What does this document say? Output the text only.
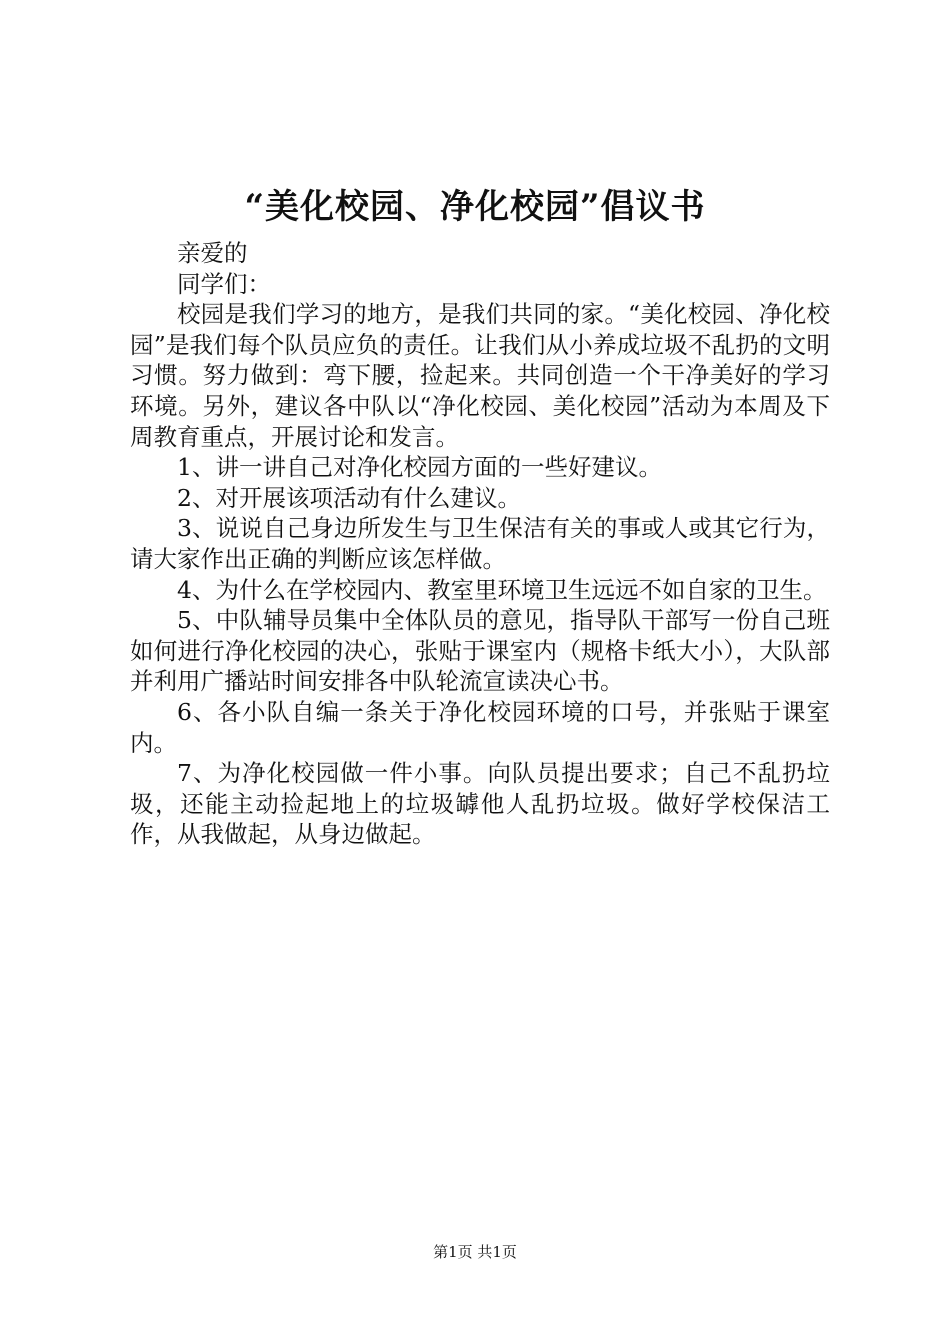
“美化校园、净化校园”倡议书

亲爱的

同学们：

校园是我们学习的地方，是我们共同的家。“美化校园、净化校园”是我们每个队员应负的责任。让我们从小养成垃圾不乱扔的文明习惯。努力做到：弯下腰，捡起来。共同创造一个干净美好的学习环境。另外，建议各中队以“净化校园、美化校园”活动为本周及下周教育重点，开展讨论和发言。

1、讲一讲自己对净化校园方面的一些好建议。

2、对开展该项活动有什么建议。

3、说说自己身边所发生与卫生保洁有关的事或人或其它行为，请大家作出正确的判断应该怎样做。

4、为什么在学校园内、教室里环境卫生远远不如自家的卫生。

5、中队辅导员集中全体队员的意见，指导队干部写一份自己班如何进行净化校园的决心，张贴于课室内（规格卡纸大小），大队部并利用广播站时间安排各中队轮流宣读决心书。

6、各小队自编一条关于净化校园环境的口号，并张贴于课室内。

7、为净化校园做一件小事。向队员提出要求；自己不乱扔垃圾，还能主动捡起地上的垃圾罅他人乱扔垃圾。做好学校保洁工作，从我做起，从身边做起。

第1页 共1页
